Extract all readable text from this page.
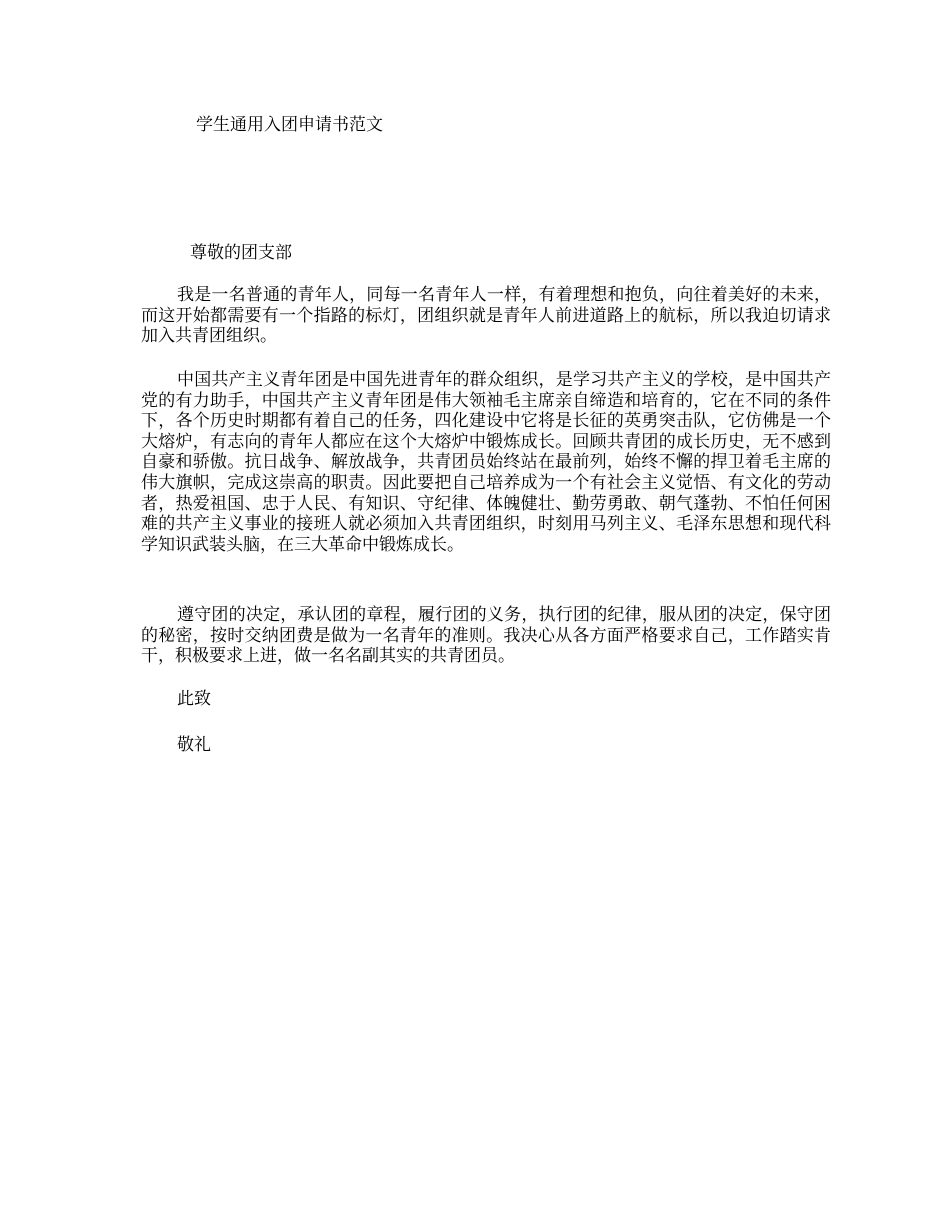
学生通用入团申请书范文

尊敬的团支部

我是一名普通的青年人，同每一名青年人一样，有着理想和抱负，向往着美好的未来，而这开始都需要有一个指路的标灯，团组织就是青年人前进道路上的航标，所以我迫切请求加入共青团组织。

中国共产主义青年团是中国先进青年的群众组织，是学习共产主义的学校，是中国共产党的有力助手，中国共产主义青年团是伟大领袖毛主席亲自缔造和培育的，它在不同的条件下，各个历史时期都有着自己的任务，四化建设中它将是长征的英勇突击队，它仿佛是一个大熔炉，有志向的青年人都应在这个大熔炉中锻炼成长。回顾共青团的成长历史，无不感到自豪和骄傲。抗日战争、解放战争，共青团员始终站在最前列，始终不懈的捍卫着毛主席的伟大旗帜，完成这崇高的职责。因此要把自己培养成为一个有社会主义觉悟、有文化的劳动者，热爱祖国、忠于人民、有知识、守纪律、体魄健壮、勤劳勇敢、朝气蓬勃、不怕任何困难的共产主义事业的接班人就必须加入共青团组织，时刻用马列主义、毛泽东思想和现代科学知识武装头脑，在三大革命中锻炼成长。

遵守团的决定，承认团的章程，履行团的义务，执行团的纪律，服从团的决定，保守团的秘密，按时交纳团费是做为一名青年的准则。我决心从各方面严格要求自己，工作踏实肯干，积极要求上进，做一名名副其实的共青团员。

此致

敬礼
